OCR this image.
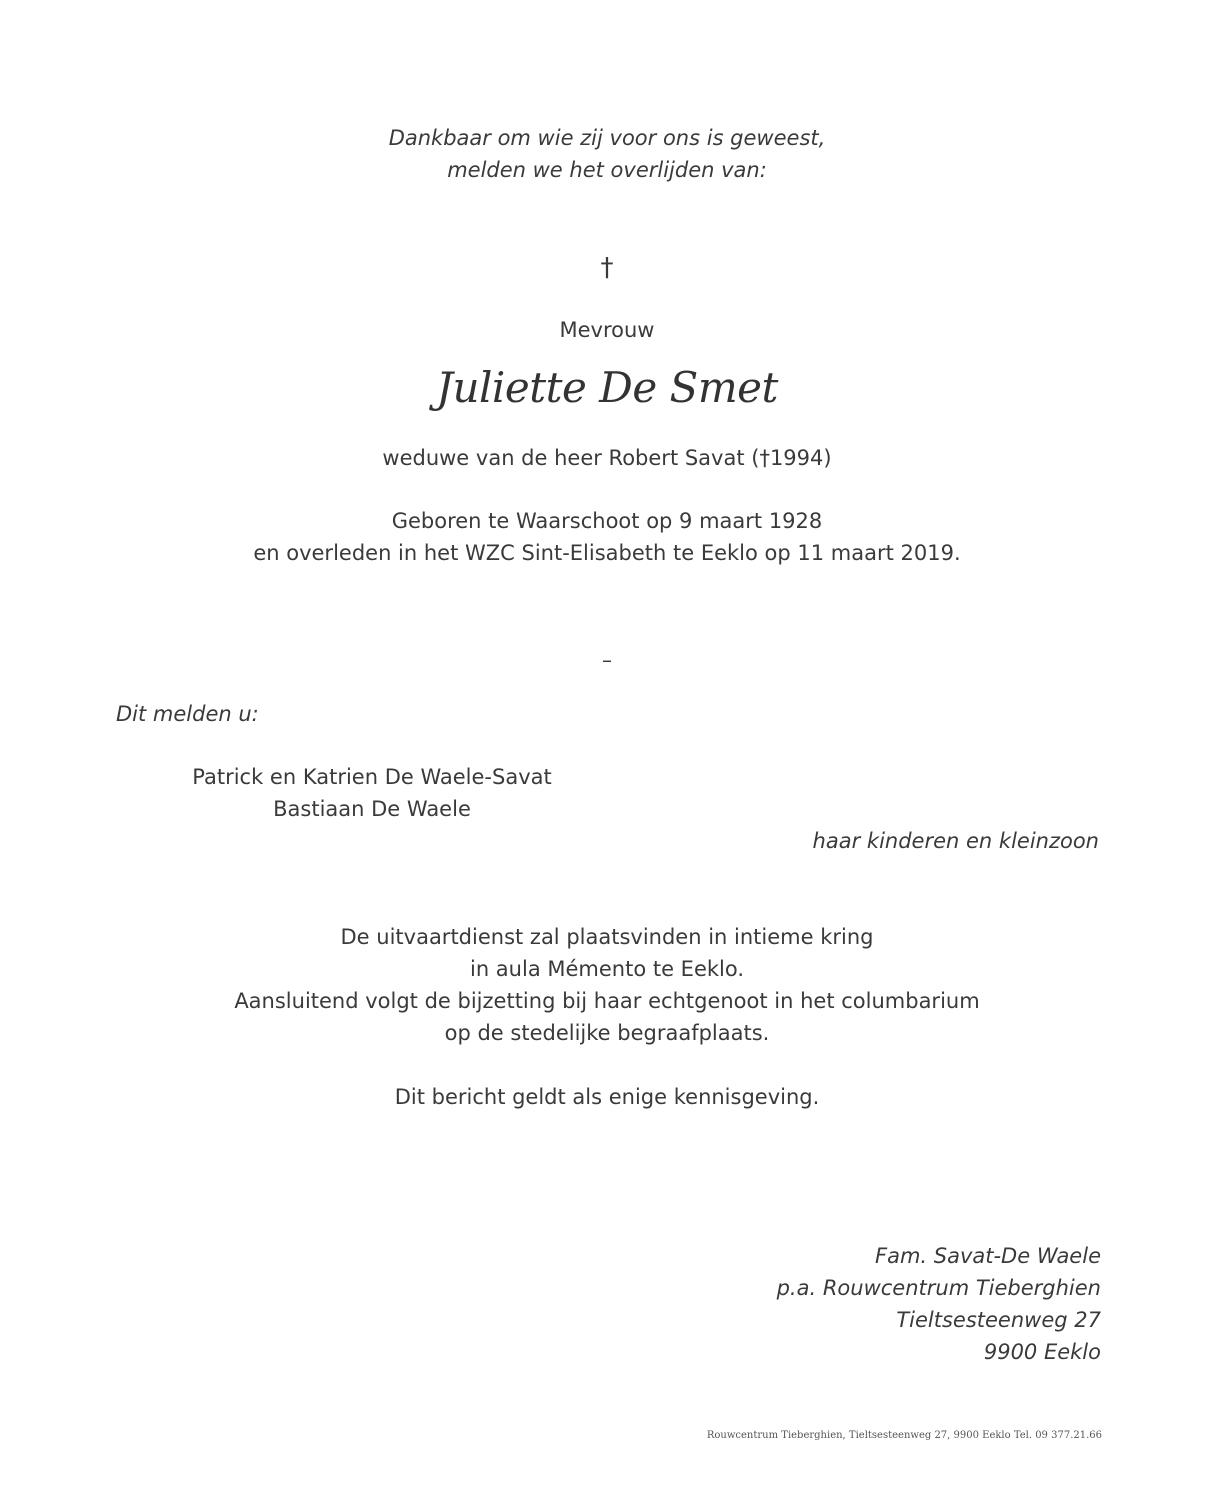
Dankbaar om wie zij voor ons is geweest,
melden we het overlijden van:
†
Mevrouw
Juliette De Smet
weduwe van de heer Robert Savat (†1994)
Geboren te Waarschoot op 9 maart 1928
en overleden in het WZC Sint-Elisabeth te Eeklo op 11 maart 2019.
–
Dit melden u:
Patrick en Katrien De Waele-Savat
Bastiaan De Waele
haar kinderen en kleinzoon
De uitvaartdienst zal plaatsvinden in intieme kring
in aula Mémento te Eeklo.
Aansluitend volgt de bijzetting bij haar echtgenoot in het columbarium
op de stedelijke begraafplaats.
Dit bericht geldt als enige kennisgeving.
Fam. Savat-De Waele
p.a. Rouwcentrum Tieberghien
Tieltsesteenweg 27
9900 Eeklo
Rouwcentrum Tieberghien, Tieltsesteenweg 27, 9900 Eeklo Tel. 09 377.21.66
